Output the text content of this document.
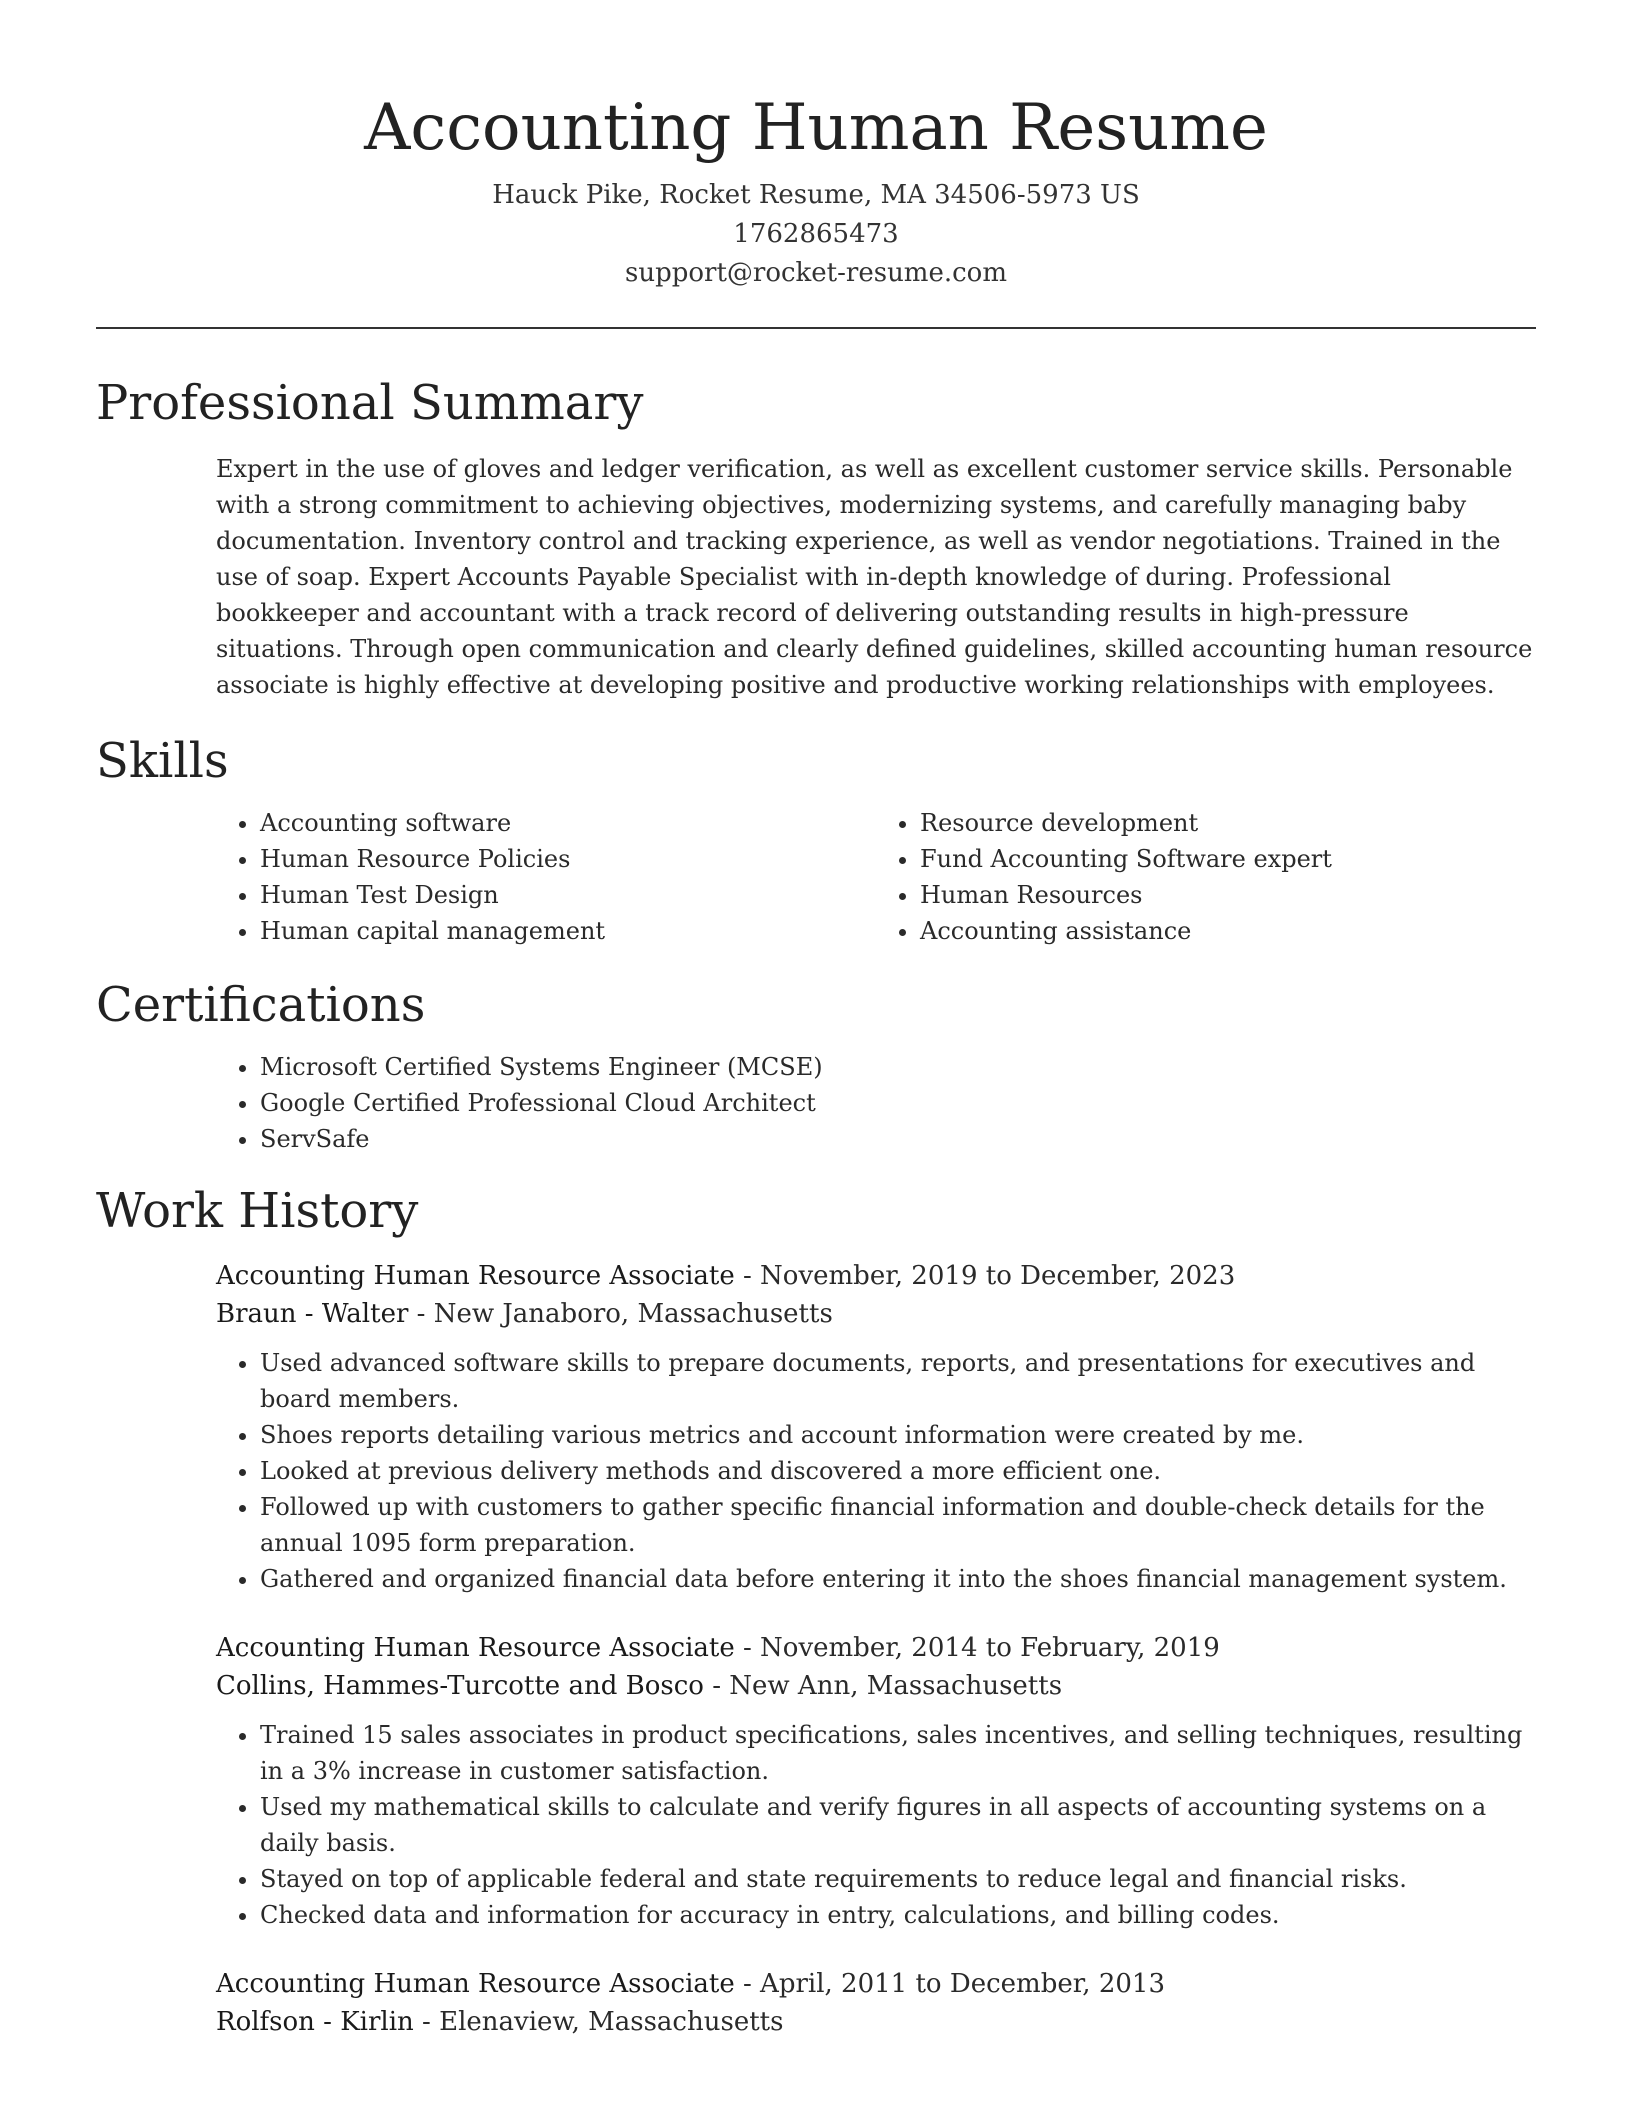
Accounting Human Resume

Hauck Pike, Rocket Resume, MA 34506-5973 US

1762865473

support@rocket-resume.com

Professional Summary

Expert in the use of gloves and ledger verification, as well as excellent customer service skills. Personable with a strong commitment to achieving objectives, modernizing systems, and carefully managing baby documentation. Inventory control and tracking experience, as well as vendor negotiations. Trained in the use of soap. Expert Accounts Payable Specialist with in-depth knowledge of during. Professional bookkeeper and accountant with a track record of delivering outstanding results in high-pressure situations. Through open communication and clearly defined guidelines, skilled accounting human resource associate is highly effective at developing positive and productive working relationships with employees.

Skills
• Accounting software
• Human Resource Policies
• Human Test Design
• Human capital management
• Resource development
• Fund Accounting Software expert
• Human Resources
• Accounting assistance
Certifications
• Microsoft Certified Systems Engineer (MCSE)
• Google Certified Professional Cloud Architect
• ServSafe
Work History

Accounting Human Resource Associate - November, 2019 to December, 2023

Braun - Walter - New Janaboro, Massachusetts

• Used advanced software skills to prepare documents, reports, and presentations for executives and board members.
• Shoes reports detailing various metrics and account information were created by me.
• Looked at previous delivery methods and discovered a more efficient one.
• Followed up with customers to gather specific financial information and double-check details for the annual 1095 form preparation.
• Gathered and organized financial data before entering it into the shoes financial management system.

Accounting Human Resource Associate - November, 2014 to February, 2019

Collins, Hammes-Turcotte and Bosco - New Ann, Massachusetts

• Trained 15 sales associates in product specifications, sales incentives, and selling techniques, resulting in a 3% increase in customer satisfaction.
• Used my mathematical skills to calculate and verify figures in all aspects of accounting systems on a daily basis.
• Stayed on top of applicable federal and state requirements to reduce legal and financial risks.
• Checked data and information for accuracy in entry, calculations, and billing codes.

Accounting Human Resource Associate - April, 2011 to December, 2013

Rolfson - Kirlin - Elenaview, Massachusetts
